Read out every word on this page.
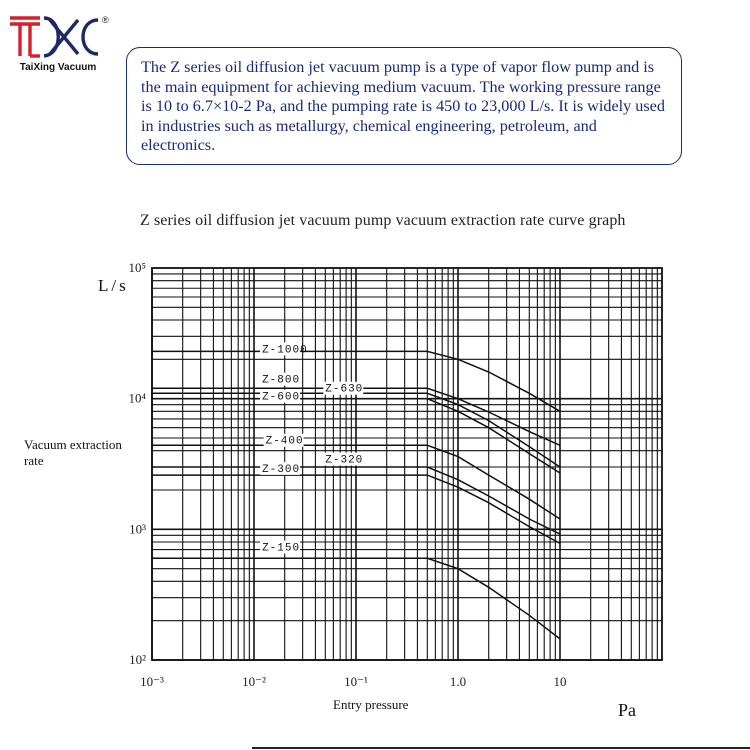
TaiXing Vacuum
®
The Z series oil diffusion jet vacuum pump is a type of vapor flow pump and is the main equipment for achieving medium vacuum. The working pressure range is 10 to 6.7×10-2 Pa, and the pumping rate is 450 to 23,000 L/s. It is widely used in industries such as metallurgy, chemical engineering, petroleum, and electronics.
Z series oil diffusion jet vacuum pump vacuum extraction rate curve graph
L/s
Vacuum extraction rate
Entry pressure	Pa
10⁻³	10⁻²	10⁻¹	1.0	10
10²
10³
10⁴
10⁵
Z-1000
Z-800
Z-630
Z-600
Z-400
Z-320
Z-300
Z-150
